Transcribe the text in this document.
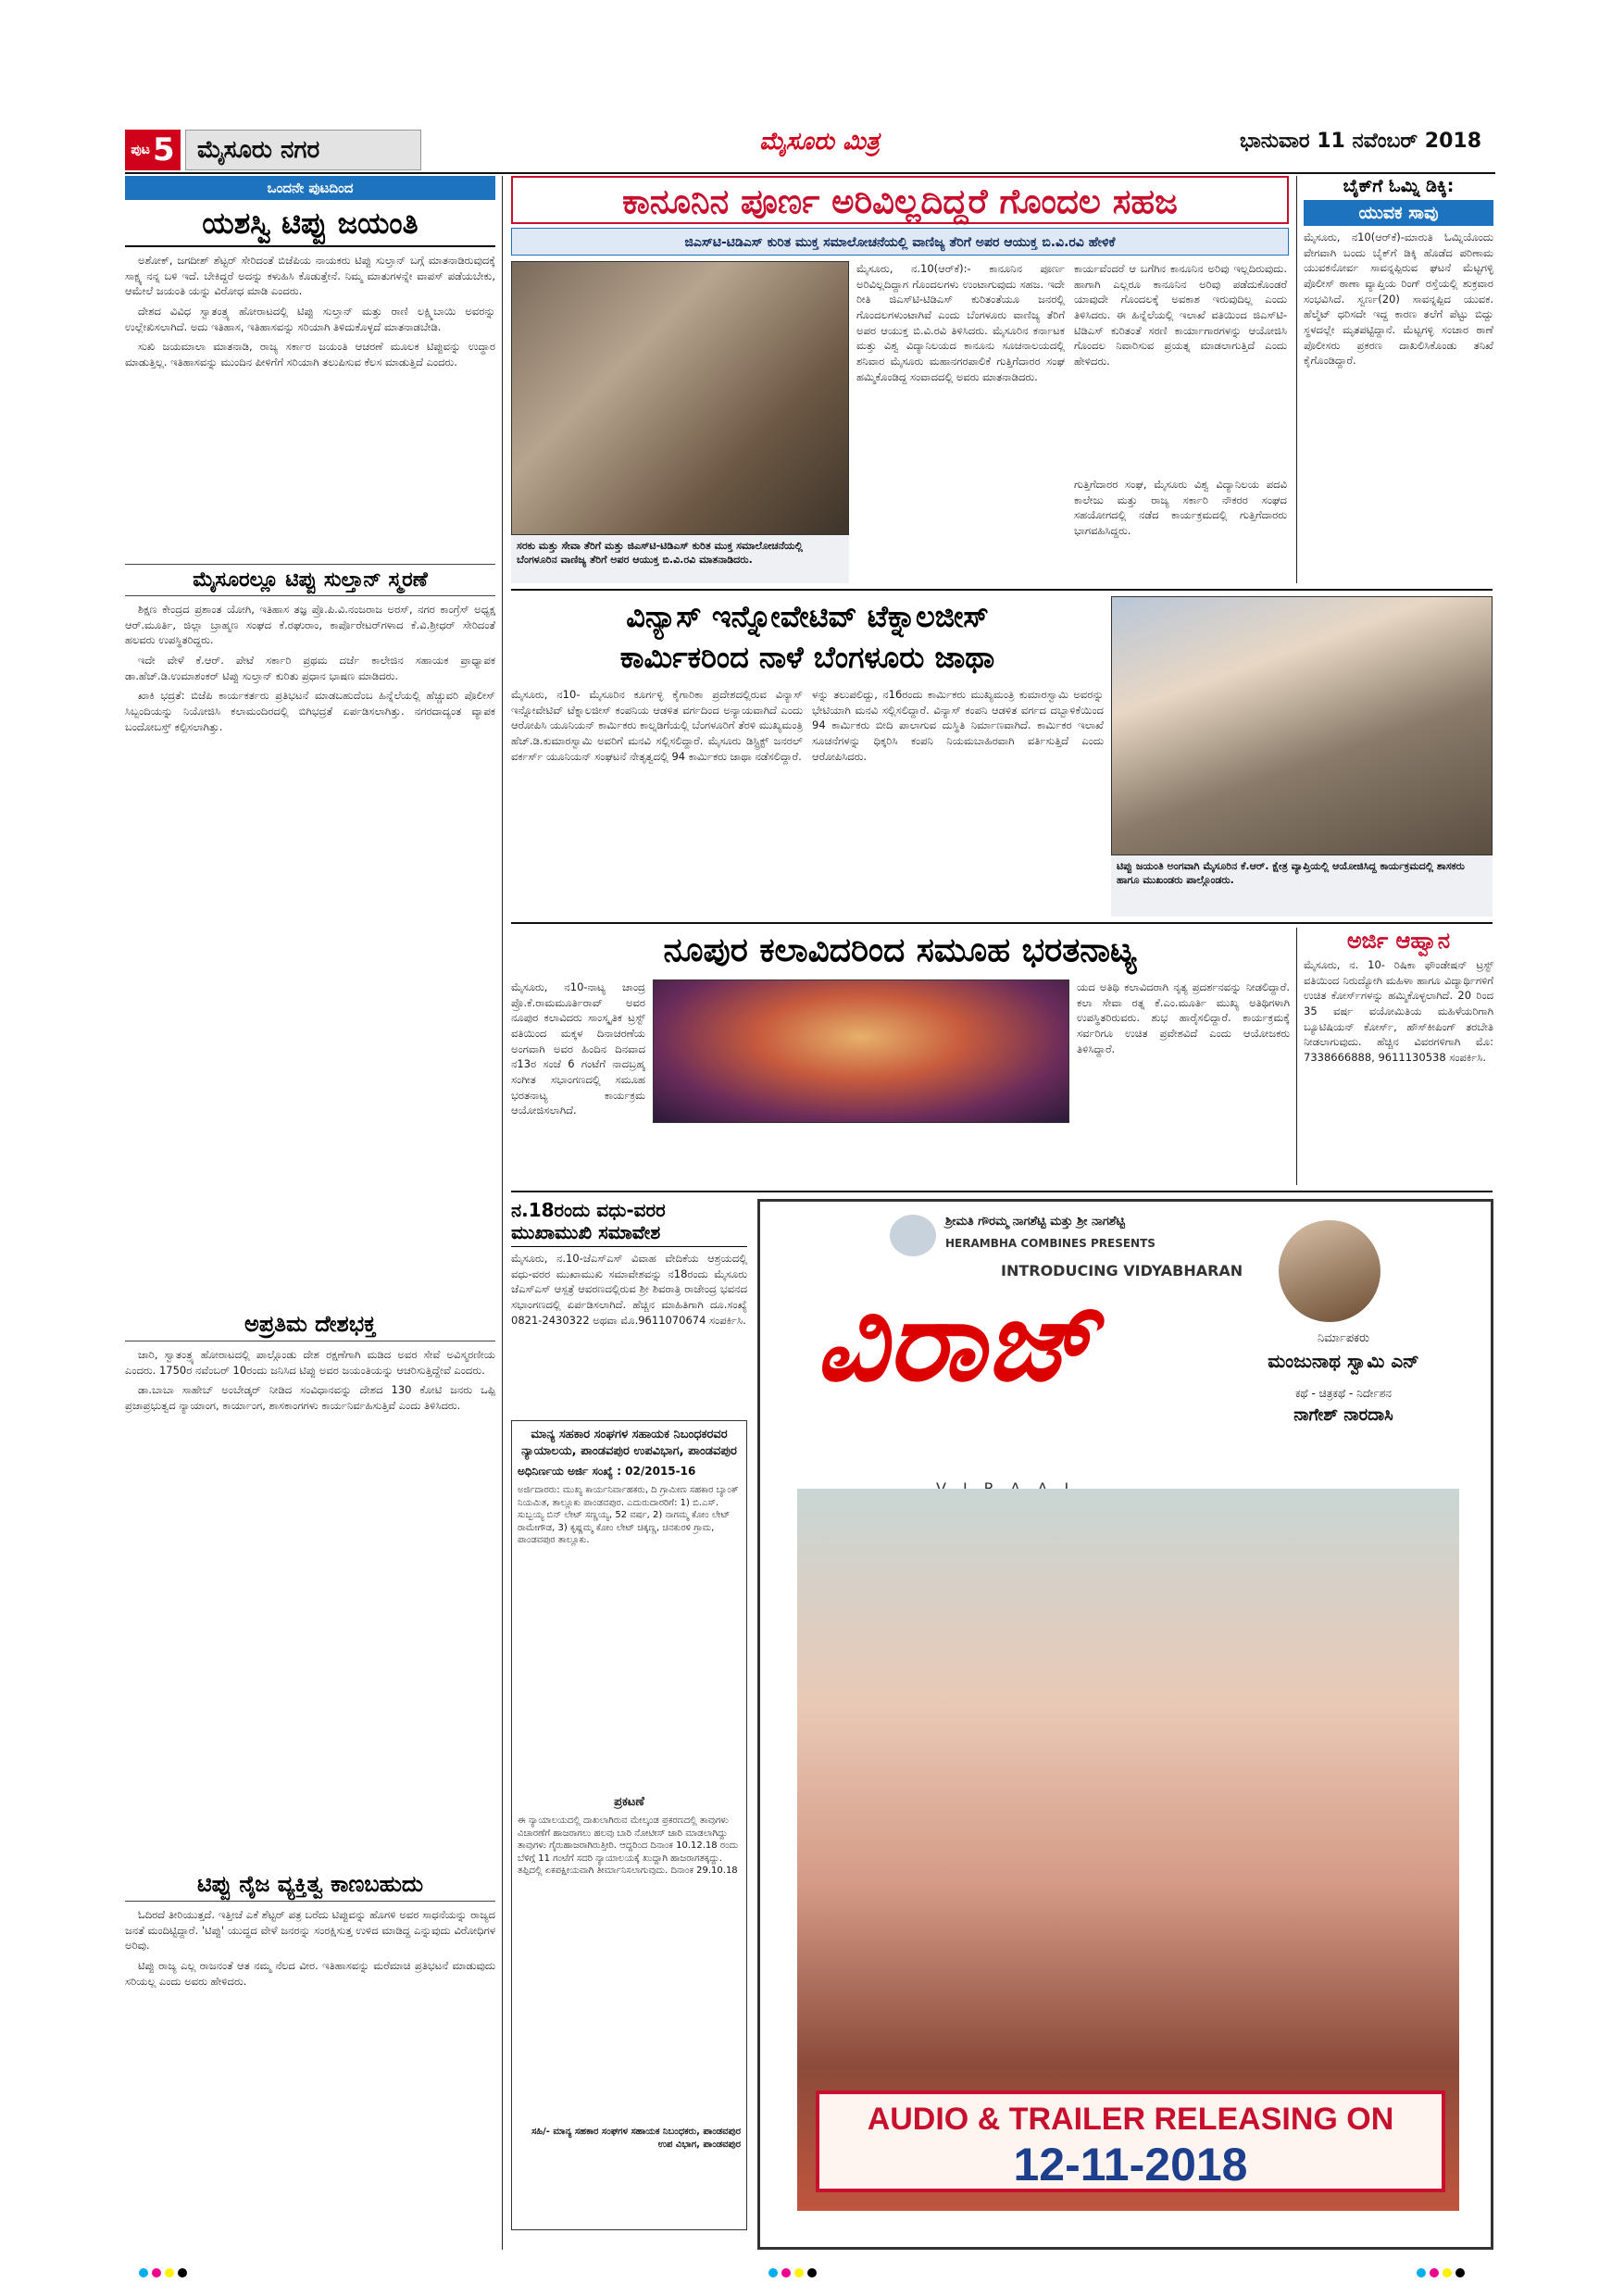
ಪುಟ 5 ಮೈಸೂರು ನಗರ	ಮೈಸೂರು ಮಿತ್ರ	ಭಾನುವಾರ 11 ನವೆಂಬರ್ 2018
ಒಂದನೇ ಪುಟದಿಂದ
ಯಶಸ್ವಿ ಟಿಪ್ಪು ಜಯಂತಿ

ಅಶೋಕ್, ಜಗದೀಶ್ ಶೆಟ್ಟರ್ ಸೇರಿದಂತೆ ಬಿಜೆಪಿಯ ನಾಯಕರು ಟಿಪ್ಪು ಸುಲ್ತಾನ್ ಬಗ್ಗೆ ಮಾತನಾಡಿರುವುದಕ್ಕೆ ಸಾಕ್ಷ್ಯ ನನ್ನ ಬಳಿ ಇದೆ. ಬೇಕಿದ್ದರೆ ಅದನ್ನು ಕಳುಹಿಸಿ ಕೊಡುತ್ತೇನೆ. ನಿಮ್ಮ ಮಾತುಗಳನ್ನೇ ವಾಪಸ್ ಪಡೆಯಬೇಕು, ಆಮೇಲೆ ಜಯಂತಿ ಯನ್ನು ವಿರೋಧ ಮಾಡಿ ಎಂದರು.

ದೇಶದ ವಿವಿಧ ಸ್ವಾತಂತ್ರ್ಯ ಹೋರಾಟದಲ್ಲಿ ಟಿಪ್ಪು ಸುಲ್ತಾನ್ ಮತ್ತು ರಾಣಿ ಲಕ್ಷ್ಮಿಬಾಯಿ ಅವರನ್ನು ಉಲ್ಲೇಖಿಸಲಾಗಿದೆ. ಅದು ಇತಿಹಾಸ, ಇತಿಹಾಸವನ್ನು ಸರಿಯಾಗಿ ತಿಳಿದುಕೊಳ್ಳದೆ ಮಾತನಾಡಬೇಡಿ.

ಸುಖಿ ಜಯಮಾಲಾ ಮಾತನಾಡಿ, ರಾಜ್ಯ ಸರ್ಕಾರ ಜಯಂತಿ ಆಚರಣೆ ಮೂಲಕ ಟಿಪ್ಪುವನ್ನು ಉದ್ಧಾರ ಮಾಡುತ್ತಿಲ್ಲ. ಇತಿಹಾಸವನ್ನು ಮುಂದಿನ ಪೀಳಿಗೆಗೆ ಸರಿಯಾಗಿ ತಲುಪಿಸುವ ಕೆಲಸ ಮಾಡುತ್ತಿದೆ ಎಂದರು.

ಮೈಸೂರಲ್ಲೂ ಟಿಪ್ಪು ಸುಲ್ತಾನ್ ಸ್ಮರಣೆ

ಶಿಕ್ಷಣ ಕೇಂದ್ರದ ಪ್ರಶಾಂತ ಯೋಗಿ, ಇತಿಹಾಸ ತಜ್ಞ ಪ್ರೊ.ಪಿ.ವಿ.ನಂಜರಾಜ ಅರಸ್, ನಗರ ಕಾಂಗ್ರೆಸ್ ಅಧ್ಯಕ್ಷ ಆರ್.ಮೂರ್ತಿ, ಜಿಲ್ಲಾ ಬ್ರಾಹ್ಮಣ ಸಂಘದ ಕೆ.ರಘುರಾಂ, ಕಾರ್ಪೊರೇಟರ್‌ಗಳಾದ ಕೆ.ವಿ.ಶ್ರೀಧರ್ ಸೇರಿದಂತೆ ಹಲವರು ಉಪಸ್ಥಿತರಿದ್ದರು.

ಇದೇ ವೇಳೆ ಕೆ.ಆರ್. ಪೇಟೆ ಸರ್ಕಾರಿ ಪ್ರಥಮ ದರ್ಜೆ ಕಾಲೇಜಿನ ಸಹಾಯಕ ಪ್ರಾಧ್ಯಾಪಕ ಡಾ.ಹೆಚ್.ಡಿ.ಉಮಾಶಂಕರ್ ಟಿಪ್ಪು ಸುಲ್ತಾನ್ ಕುರಿತು ಪ್ರಧಾನ ಭಾಷಣ ಮಾಡಿದರು.

ಖಾಕಿ ಭದ್ರತೆ: ಬಿಜೆಪಿ ಕಾರ್ಯಕರ್ತರು ಪ್ರತಿಭಟನೆ ಮಾಡಬಹುದೆಂಬ ಹಿನ್ನೆಲೆಯಲ್ಲಿ ಹೆಚ್ಚುವರಿ ಪೊಲೀಸ್ ಸಿಬ್ಬಂದಿಯನ್ನು ನಿಯೋಜಿಸಿ ಕಲಾಮಂದಿರದಲ್ಲಿ ಬಿಗಿಭದ್ರತೆ ಏರ್ಪಡಿಸಲಾಗಿತ್ತು. ನಗರದಾದ್ಯಂತ ವ್ಯಾಪಕ ಬಂದೋಬಸ್ತ್ ಕಲ್ಪಿಸಲಾಗಿತ್ತು.

ಅಪ್ರತಿಮ ದೇಶಭಕ್ತ

ಜಾರಿ, ಸ್ವಾತಂತ್ರ್ಯ ಹೋರಾಟದಲ್ಲಿ ಪಾಲ್ಗೊಂಡು ದೇಶ ರಕ್ಷಣೆಗಾಗಿ ಮಡಿದ ಅವರ ಸೇವೆ ಅವಿಸ್ಮರಣೀಯ ಎಂದರು. 1750ರ ನವೆಂಬರ್ 10ರಂದು ಜನಿಸಿದ ಟಿಪ್ಪು ಅವರ ಜಯಂತಿಯನ್ನು ಆಚರಿಸುತ್ತಿದ್ದೇವೆ ಎಂದರು.

ಡಾ.ಬಾಬಾ ಸಾಹೇಬ್ ಅಂಬೇಡ್ಕರ್ ನೀಡಿದ ಸಂವಿಧಾನವನ್ನು ದೇಶದ 130 ಕೋಟಿ ಜನರು ಒಪ್ಪಿ ಪ್ರಜಾಪ್ರಭುತ್ವದ ನ್ಯಾಯಾಂಗ, ಕಾರ್ಯಾಂಗ, ಶಾಸಕಾಂಗಗಳು ಕಾರ್ಯನಿರ್ವಹಿಸುತ್ತಿವೆ ಎಂದು ತಿಳಿಸಿದರು.

ಟಿಪ್ಪು ನೈಜ ವ್ಯಕ್ತಿತ್ವ ಕಾಣಬಹುದು

ಓದಿರದೆ ತೀರಿಯುತ್ತದೆ. ಇತ್ತೀಚೆ ಎಕೆ ಶೆಟ್ಟರ್ ಪತ್ರ ಬರೆದು ಟಿಪ್ಪುವನ್ನು ಹೊಗಳಿ ಅವರ ಸಾಧನೆಯನ್ನು ರಾಜ್ಯದ ಜನತೆ ಮಂದಿಟ್ಟಿದ್ದಾರೆ. 'ಟಿಪ್ಪು' ಯುದ್ಧದ ವೇಳೆ ಜನರನ್ನು ಸಂರಕ್ಷಿಸುತ್ತ ಉಳಿದ ಮಾಡಿದ್ದ ಎನ್ನುವುದು ವಿರೋಧಿಗಳ ಅರಿವು.

ಟಿಪ್ಪು ರಾಜ್ಯ ಎಲ್ಲ ರಾಜನಂತೆ ಆತ ನಮ್ಮ ನೆಲದ ವೀರ. ಇತಿಹಾಸವನ್ನು ಮರೆಮಾಚಿ ಪ್ರತಿಭಟನೆ ಮಾಡುವುದು ಸರಿಯಲ್ಲ ಎಂದು ಅವರು ಹೇಳಿದರು.

ಕಾನೂನಿನ ಪೂರ್ಣ ಅರಿವಿಲ್ಲದಿದ್ದರೆ ಗೊಂದಲ ಸಹಜ
ಜಿಎಸ್‌ಟಿ-ಟಿಡಿಎಸ್ ಕುರಿತ ಮುಕ್ತ ಸಮಾಲೋಚನೆಯಲ್ಲಿ ವಾಣಿಜ್ಯ ತೆರಿಗೆ ಅಪರ ಆಯುಕ್ತ ಬಿ.ವಿ.ರವಿ ಹೇಳಿಕೆ
ಸರಕು ಮತ್ತು ಸೇವಾ ತೆರಿಗೆ ಮತ್ತು ಜಿಎಸ್‌ಟಿ-ಟಿಡಿಎಸ್ ಕುರಿತ ಮುಕ್ತ ಸಮಾಲೋಚನೆಯಲ್ಲಿ ಬೆಂಗಳೂರಿನ ವಾಣಿಜ್ಯ ತೆರಿಗೆ ಅಪರ ಆಯುಕ್ತ ಬಿ.ವಿ.ರವಿ ಮಾತನಾಡಿದರು.
ಮೈಸೂರು, ನ.10(ಆರ್‌ಕೆ):- ಕಾನೂನಿನ ಪೂರ್ಣ ಅರಿವಿಲ್ಲದಿದ್ದಾಗ ಗೊಂದಲಗಳು ಉಂಟಾಗುವುದು ಸಹಜ. ಇದೇ ರೀತಿ ಜಿಎಸ್‌ಟಿ-ಟಿಡಿಎಸ್ ಕುರಿತಂತೆಯೂ ಜನರಲ್ಲಿ ಗೊಂದಲಗಳುಂಟಾಗಿವೆ ಎಂದು ಬೆಂಗಳೂರು ವಾಣಿಜ್ಯ ತೆರಿಗೆ ಅಪರ ಆಯುಕ್ತ ಬಿ.ವಿ.ರವಿ ತಿಳಿಸಿದರು. ಮೈಸೂರಿನ ಕರ್ನಾಟಕ ಮತ್ತು ವಿಶ್ವ ವಿದ್ಯಾನಿಲಯದ ಕಾನೂನು ಸೂಚನಾಲಯದಲ್ಲಿ ಶನಿವಾರ ಮೈಸೂರು ಮಹಾನಗರಪಾಲಿಕೆ ಗುತ್ತಿಗೆದಾರರ ಸಂಘ ಹಮ್ಮಿಕೊಂಡಿದ್ದ ಸಂವಾದದಲ್ಲಿ ಅವರು ಮಾತನಾಡಿದರು.
ಕಾರ್ಯವೆಂದರೆ ಆ ಬಗೆಗಿನ ಕಾನೂನಿನ ಅರಿವು ಇಲ್ಲದಿರುವುದು. ಹಾಗಾಗಿ ಎಲ್ಲರೂ ಕಾನೂನಿನ ಅರಿವು ಪಡೆದುಕೊಂಡರೆ ಯಾವುದೇ ಗೊಂದಲಕ್ಕೆ ಅವಕಾಶ ಇರುವುದಿಲ್ಲ ಎಂದು ತಿಳಿಸಿದರು. ಈ ಹಿನ್ನೆಲೆಯಲ್ಲಿ ಇಲಾಖೆ ವತಿಯಿಂದ ಜಿಎಸ್‌ಟಿ-ಟಿಡಿಎಸ್ ಕುರಿತಂತೆ ಸರಣಿ ಕಾರ್ಯಾಗಾರಗಳನ್ನು ಆಯೋಜಿಸಿ ಗೊಂದಲ ನಿವಾರಿಸುವ ಪ್ರಯತ್ನ ಮಾಡಲಾಗುತ್ತಿದೆ ಎಂದು ಹೇಳಿದರು.
ಗುತ್ತಿಗೆದಾರರ ಸಂಘ, ಮೈಸೂರು ವಿಶ್ವ ವಿದ್ಯಾನಿಲಯ ಪದವಿ ಕಾಲೇಜು ಮತ್ತು ರಾಜ್ಯ ಸರ್ಕಾರಿ ನೌಕರರ ಸಂಘದ ಸಹಯೋಗದಲ್ಲಿ ನಡೆದ ಕಾರ್ಯಕ್ರಮದಲ್ಲಿ ಗುತ್ತಿಗೆದಾರರು ಭಾಗವಹಿಸಿದ್ದರು.
ಬೈಕ್‌ಗೆ ಓಮ್ನಿ ಡಿಕ್ಕಿ:
ಯುವಕ ಸಾವು
ಮೈಸೂರು, ನ10(ಆರ್‌ಕೆ)-ಮಾರುತಿ ಓಮ್ನಿಯೊಂದು ವೇಗವಾಗಿ ಬಂದು ಬೈಕ್‌ಗೆ ಡಿಕ್ಕಿ ಹೊಡೆದ ಪರಿಣಾಮ ಯುವಕನೋರ್ವ ಸಾವನ್ನಪ್ಪಿರುವ ಘಟನೆ ಮೆಟ್ಟಗಳ್ಳಿ ಪೊಲೀಸ್ ಠಾಣಾ ವ್ಯಾಪ್ತಿಯ ರಿಂಗ್ ರಸ್ತೆಯಲ್ಲಿ ಶುಕ್ರವಾರ ಸಂಭವಿಸಿದೆ. ಸ್ವರ್ಣ(20) ಸಾವನ್ನಪ್ಪಿದ ಯುವಕ. ಹೆಲ್ಮೆಟ್ ಧರಿಸದೇ ಇದ್ದ ಕಾರಣ ತಲೆಗೆ ಪೆಟ್ಟು ಬಿದ್ದು ಸ್ಥಳದಲ್ಲೇ ಮೃತಪಟ್ಟಿದ್ದಾನೆ. ಮೆಟ್ಟಗಳ್ಳಿ ಸಂಚಾರ ಠಾಣೆ ಪೊಲೀಸರು ಪ್ರಕರಣ ದಾಖಲಿಸಿಕೊಂಡು ತನಿಖೆ ಕೈಗೊಂಡಿದ್ದಾರೆ.
ವಿನ್ಯಾಸ್ ಇನ್ನೋವೇಟಿವ್ ಟೆಕ್ನಾಲಜೀಸ್
ಕಾರ್ಮಿಕರಿಂದ ನಾಳೆ ಬೆಂಗಳೂರು ಜಾಥಾ
ಮೈಸೂರು, ನ10- ಮೈಸೂರಿನ ಕೂರ್ಗಳ್ಳಿ ಕೈಗಾರಿಕಾ ಪ್ರದೇಶದಲ್ಲಿರುವ ವಿನ್ಯಾಸ್ ಇನ್ನೋವೇಟಿವ್ ಟೆಕ್ನಾಲಜೀಸ್ ಕಂಪನಿಯ ಆಡಳಿತ ವರ್ಗದಿಂದ ಅನ್ಯಾಯವಾಗಿದೆ ಎಂದು ಆರೋಪಿಸಿ ಯೂನಿಯನ್ ಕಾರ್ಮಿಕರು ಕಾಲ್ನಡಿಗೆಯಲ್ಲಿ ಬೆಂಗಳೂರಿಗೆ ತೆರಳಿ ಮುಖ್ಯಮಂತ್ರಿ ಹೆಚ್.ಡಿ.ಕುಮಾರಸ್ವಾಮಿ ಅವರಿಗೆ ಮನವಿ ಸಲ್ಲಿಸಲಿದ್ದಾರೆ. ಮೈಸೂರು ಡಿಸ್ಟ್ರಿಕ್ಟ್ ಜನರಲ್ ವರ್ಕರ್ಸ್ ಯೂನಿಯನ್ ಸಂಘಟನೆ ನೇತೃತ್ವದಲ್ಲಿ 94 ಕಾರ್ಮಿಕರು ಜಾಥಾ ನಡೆಸಲಿದ್ದಾರೆ.
ಳನ್ನು ತಲುಪಲಿದ್ದು, ನ16ರಂದು ಕಾರ್ಮಿಕರು ಮುಖ್ಯಮಂತ್ರಿ ಕುಮಾರಸ್ವಾಮಿ ಅವರನ್ನು ಭೇಟಿಯಾಗಿ ಮನವಿ ಸಲ್ಲಿಸಲಿದ್ದಾರೆ. ವಿನ್ಯಾಸ್ ಕಂಪನಿ ಆಡಳಿತ ವರ್ಗದ ದಬ್ಬಾಳಿಕೆಯಿಂದ 94 ಕಾರ್ಮಿಕರು ಬೀದಿ ಪಾಲಾಗುವ ದುಸ್ಥಿತಿ ನಿರ್ಮಾಣವಾಗಿದೆ. ಕಾರ್ಮಿಕರ ಇಲಾಖೆ ಸೂಚನೆಗಳನ್ನು ಧಿಕ್ಕರಿಸಿ ಕಂಪನಿ ನಿಯಮಬಾಹಿರವಾಗಿ ವರ್ತಿಸುತ್ತಿದೆ ಎಂದು ಆರೋಪಿಸಿದರು.
ಟಿಪ್ಪು ಜಯಂತಿ ಅಂಗವಾಗಿ ಮೈಸೂರಿನ ಕೆ.ಆರ್. ಕ್ಷೇತ್ರ ವ್ಯಾಪ್ತಿಯಲ್ಲಿ ಆಯೋಜಿಸಿದ್ದ ಕಾರ್ಯಕ್ರಮದಲ್ಲಿ ಶಾಸಕರು ಹಾಗೂ ಮುಖಂಡರು ಪಾಲ್ಗೊಂಡರು.
ನೂಪುರ ಕಲಾವಿದರಿಂದ ಸಮೂಹ ಭರತನಾಟ್ಯ
ಮೈಸೂರು, ನ10-ನಾಟ್ಯ ಚಾಂದ್ರ ಪ್ರೊ.ಕೆ.ರಾಮಮೂರ್ತಿರಾವ್ ಅವರ ನೂಪುರ ಕಲಾವಿದರು ಸಾಂಸ್ಕೃತಿಕ ಟ್ರಸ್ಟ್ ವತಿಯಿಂದ ಮಕ್ಕಳ ದಿನಾಚರಣೆಯ ಅಂಗವಾಗಿ ಅವರ ಹಿಂದಿನ ದಿನವಾದ ನ13ರ ಸಂಜೆ 6 ಗಂಟೆಗೆ ನಾದಬ್ರಹ್ಮ ಸಂಗೀತ ಸಭಾಂಗಣದಲ್ಲಿ ಸಮೂಹ ಭರತನಾಟ್ಯ ಕಾರ್ಯಕ್ರಮ ಆಯೋಜಿಸಲಾಗಿದೆ.
ಯದ ಅತಿಥಿ ಕಲಾವಿದರಾಗಿ ನೃತ್ಯ ಪ್ರದರ್ಶನವನ್ನು ನೀಡಲಿದ್ದಾರೆ. ಕಲಾ ಸೇವಾ ರತ್ನ ಕೆ.ಎಂ.ಮೂರ್ತಿ ಮುಖ್ಯ ಅತಿಥಿಗಳಾಗಿ ಉಪಸ್ಥಿತರಿರುವರು. ಶುಭ ಹಾರೈಸಲಿದ್ದಾರೆ. ಕಾರ್ಯಕ್ರಮಕ್ಕೆ ಸರ್ವರಿಗೂ ಉಚಿತ ಪ್ರವೇಶವಿದೆ ಎಂದು ಆಯೋಜಕರು ತಿಳಿಸಿದ್ದಾರೆ.
ಅರ್ಜಿ ಆಹ್ವಾನ
ಮೈಸೂರು, ನ. 10- ರಿಷಿಕಾ ಫೌಂಡೇಷನ್ ಟ್ರಸ್ಟ್ ವತಿಯಿಂದ ನಿರುದ್ಯೋಗಿ ಮಹಿಳಾ ಹಾಗೂ ವಿದ್ಯಾರ್ಥಿಗಳಿಗೆ ಉಚಿತ ಕೋರ್ಸ್‌ಗಳನ್ನು ಹಮ್ಮಿಕೊಳ್ಳಲಾಗಿದೆ. 20 ರಿಂದ 35 ವರ್ಷ ವಯೋಮಿತಿಯ ಮಹಿಳೆಯರಿಗಾಗಿ ಬ್ಯೂಟಿಷಿಯನ್ ಕೋರ್ಸ್, ಹೌಸ್‌ಕೀಪಿಂಗ್ ತರಬೇತಿ ನೀಡಲಾಗುವುದು. ಹೆಚ್ಚಿನ ವಿವರಗಳಿಗಾಗಿ ಮೊ: 7338666888, 9611130538 ಸಂಪರ್ಕಿಸಿ.
ನ.18ರಂದು ವಧು-ವರರ
ಮುಖಾಮುಖಿ ಸಮಾವೇಶ
ಮೈಸೂರು, ನ.10-ಜೆಎಸ್‌ಎಸ್ ವಿವಾಹ ವೇದಿಕೆಯ ಆಶ್ರಯದಲ್ಲಿ ವಧು-ವರರ ಮುಖಾಮುಖಿ ಸಮಾವೇಶವನ್ನು ನ18ರಂದು ಮೈಸೂರು ಜೆಎಸ್‌ಎಸ್ ಆಸ್ಪತ್ರೆ ಆವರಣದಲ್ಲಿರುವ ಶ್ರೀ ಶಿವರಾತ್ರಿ ರಾಜೇಂದ್ರ ಭವನದ ಸಭಾಂಗಣದಲ್ಲಿ ಏರ್ಪಡಿಸಲಾಗಿದೆ. ಹೆಚ್ಚಿನ ಮಾಹಿತಿಗಾಗಿ ದೂ.ಸಂಖ್ಯೆ 0821-2430322 ಅಥವಾ ಮೊ.9611070674 ಸಂಪರ್ಕಿಸಿ.
ಮಾನ್ಯ ಸಹಕಾರ ಸಂಘಗಳ ಸಹಾಯಕ ನಿಬಂಧಕರವರ ನ್ಯಾಯಾಲಯ, ಪಾಂಡವಪುರ ಉಪವಿಭಾಗ, ಪಾಂಡವಪುರ
ಅಧಿನಿರ್ಣಯ ಅರ್ಜಿ ಸಂಖ್ಯೆ : 02/2015-16
ಅರ್ಜಿದಾರರು: ಮುಖ್ಯ ಕಾರ್ಯನಿರ್ವಾಹಕರು, ದಿ ಗ್ರಾಮೀಣ ಸಹಕಾರ ಬ್ಯಾಂಕ್ ನಿಯಮಿತ, ತಾಲ್ಲೂಕು ಪಾಂಡವಪುರ. ಎದುರುದಾರರಿಗೆ: 1) ಬಿ.ಎಸ್. ಸುಬ್ಬಯ್ಯ ಬಿನ್ ಲೇಟ್ ಸಣ್ಣಯ್ಯ, 52 ವರ್ಷ, 2) ನಾಗಮ್ಮ ಕೋಂ ಲೇಟ್ ರಾಮೇಗೌಡ, 3) ಕೃಷ್ಣಮ್ಮ ಕೋಂ ಲೇಟ್ ಚಿಕ್ಕಣ್ಣ, ಚಿನಕುರಳಿ ಗ್ರಾಮ, ಪಾಂಡವಪುರ ತಾಲ್ಲೂಕು.
ಪ್ರಕಟಣೆ
ಈ ನ್ಯಾಯಾಲಯದಲ್ಲಿ ದಾಖಲಾಗಿರುವ ಮೇಲ್ಕಂಡ ಪ್ರಕರಣದಲ್ಲಿ ತಾವುಗಳು ವಿಚಾರಣೆಗೆ ಹಾಜರಾಗಲು ಹಲವು ಬಾರಿ ನೋಟೀಸ್ ಜಾರಿ ಮಾಡಲಾಗಿದ್ದು ತಾವುಗಳು ಗೈರುಹಾಜರಾಗಿರುತ್ತೀರಿ. ಆದ್ದರಿಂದ ದಿನಾಂಕ 10.12.18 ರಂದು ಬೆಳಿಗ್ಗೆ 11 ಗಂಟೆಗೆ ಸದರಿ ನ್ಯಾಯಾಲಯಕ್ಕೆ ಖುದ್ದಾಗಿ ಹಾಜರಾಗತಕ್ಕದ್ದು. ತಪ್ಪಿದಲ್ಲಿ ಏಕಪಕ್ಷೀಯವಾಗಿ ತೀರ್ಮಾನಿಸಲಾಗುವುದು. ದಿನಾಂಕ 29.10.18
ಸಹಿ/- ಮಾನ್ಯ ಸಹಕಾರ ಸಂಘಗಳ ಸಹಾಯಕ ನಿಬಂಧಕರು, ಪಾಂಡವಪುರ ಉಪ ವಿಭಾಗ, ಪಾಂಡವಪುರ
ಶ್ರೀಮತಿ ಗೌರಮ್ಮ ನಾಗಶೆಟ್ಟಿ ಮತ್ತು ಶ್ರೀ ನಾಗಶೆಟ್ಟಿ
HERAMBHA COMBINES PRESENTS
INTRODUCING VIDYABHARAN
ವಿರಾಜ್	ನಿರ್ಮಾಪಕರು
ಮಂಜುನಾಥ ಸ್ವಾಮಿ ಎನ್
ಕಥೆ - ಚಿತ್ರಕಥೆ - ನಿರ್ದೇಶನ
ನಾಗೇಶ್ ನಾರದಾಸಿ
AUDIO & TRAILER RELEASING ON
12-11-2018
